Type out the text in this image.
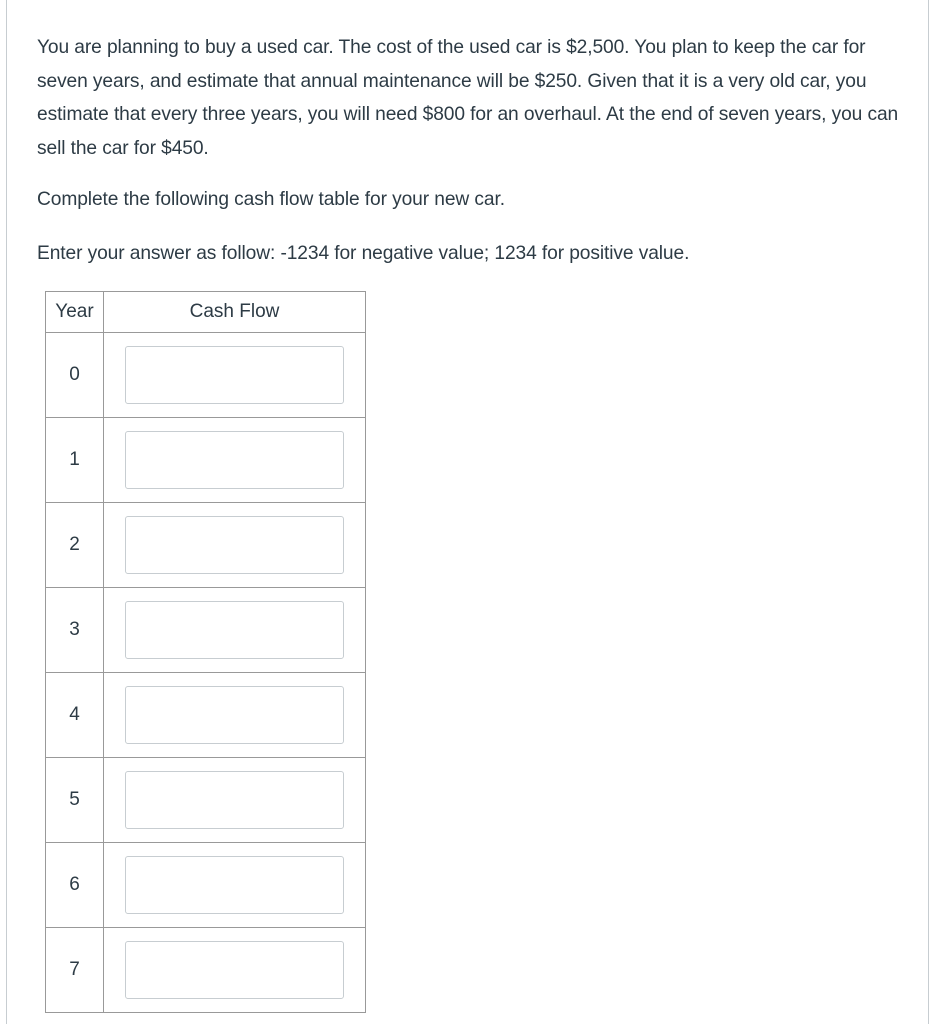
You are planning to buy a used car. The cost of the used car is $2,500. You plan to keep the car for seven years, and estimate that annual maintenance will be $250. Given that it is a very old car, you estimate that every three years, you will need $800 for an overhaul. At the end of seven years, you can sell the car for $450.

Complete the following cash flow table for your new car.

Enter your answer as follow: -1234 for negative value; 1234 for positive value.

Year	Cash Flow
0	

1	

2	

3	

4	

5	

6	

7	
